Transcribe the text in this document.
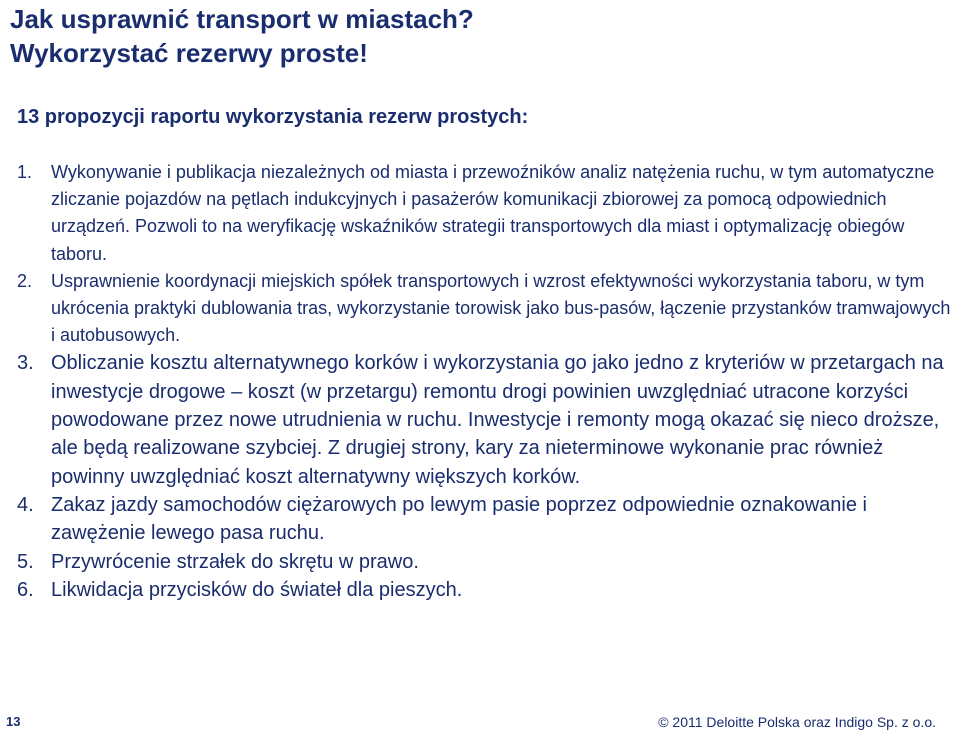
Jak usprawnić transport w miastach?
Wykorzystać rezerwy proste!
13 propozycji raportu wykorzystania rezerw prostych:
1.	Wykonywanie i publikacja niezależnych od miasta i przewoźników analiz natężenia ruchu, w tym automatyczne zliczanie pojazdów na pętlach indukcyjnych i pasażerów komunikacji zbiorowej za pomocą odpowiednich urządzeń. Pozwoli to na weryfikację wskaźników strategii transportowych dla miast i optymalizację obiegów taboru.
2.	Usprawnienie koordynacji miejskich spółek transportowych i wzrost efektywności wykorzystania taboru, w tym ukrócenia praktyki dublowania tras, wykorzystanie torowisk jako bus-pasów, łączenie przystanków tramwajowych i autobusowych.
3. Obliczanie kosztu alternatywnego korków i wykorzystania go jako jedno z kryteriów w przetargach na inwestycje drogowe – koszt (w przetargu) remontu drogi powinien uwzględniać utracone korzyści powodowane przez nowe utrudnienia w ruchu. Inwestycje i remonty mogą okazać się nieco droższe, ale będą realizowane szybciej. Z drugiej strony, kary za nieterminowe wykonanie prac również powinny uwzględniać koszt alternatywny większych korków.
4. Zakaz jazdy samochodów ciężarowych po lewym pasie poprzez odpowiednie oznakowanie i zawężenie lewego pasa ruchu.
5. Przywrócenie strzałek do skrętu w prawo.
6. Likwidacja przycisków do świateł dla pieszych.
13	© 2011 Deloitte Polska oraz Indigo Sp. z o.o.
